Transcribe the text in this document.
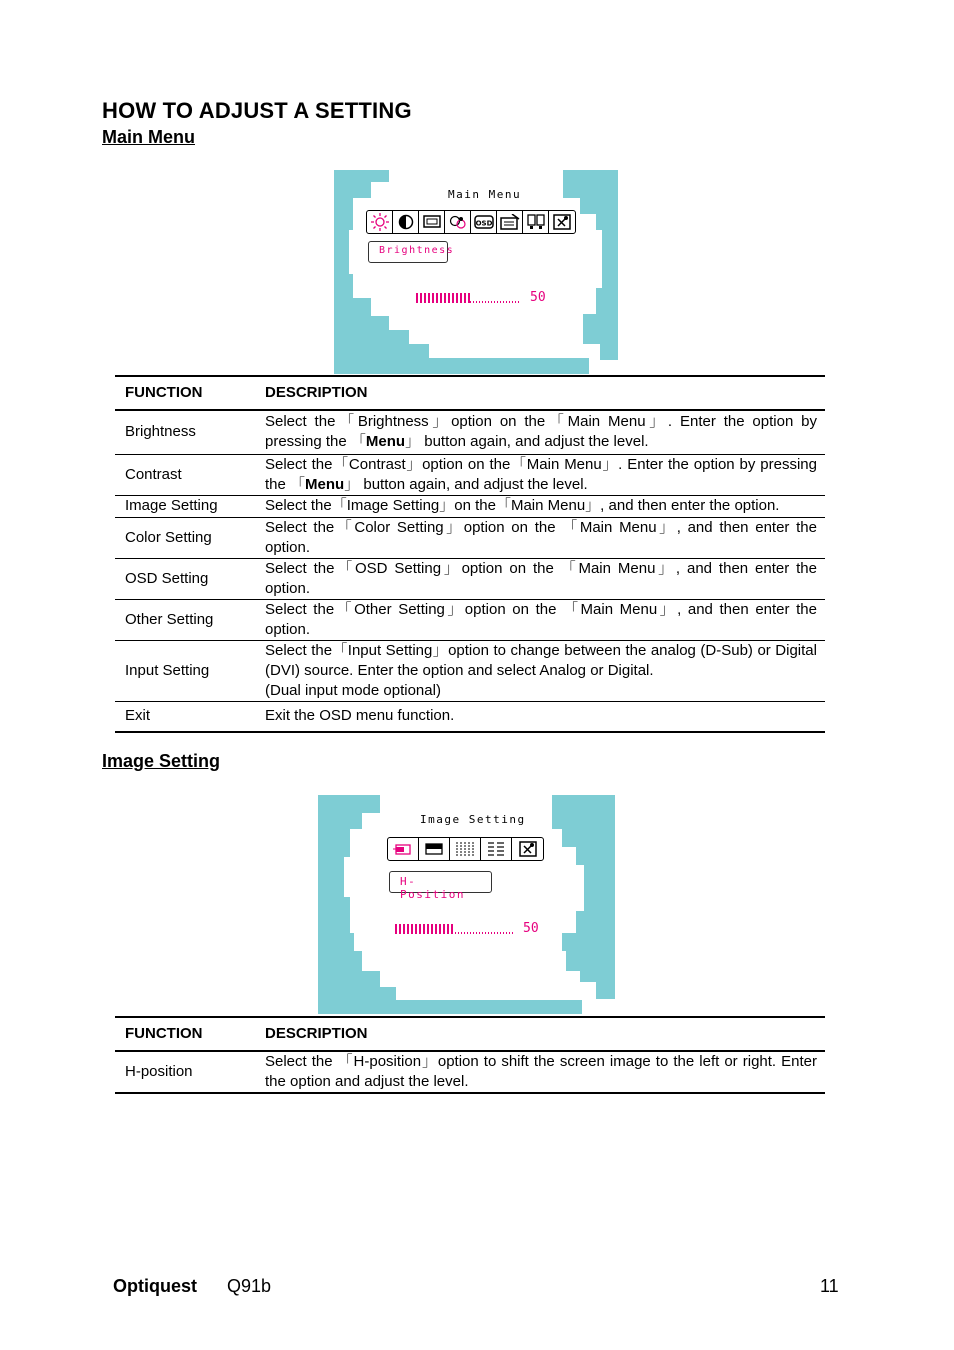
HOW TO ADJUST A SETTING
Main Menu
Main Menu
OSD
Brightness
50
FUNCTION	DESCRIPTION
Brightness	Select the「Brightness」option on the「Main Menu」. Enter the option by pressing the 「Menu」 button again, and adjust the level.
Contrast	Select the「Contrast」option on the「Main Menu」. Enter the option by pressing the 「Menu」 button again, and adjust the level.
Image Setting	Select the「Image Setting」on the「Main Menu」, and then enter the option.
Color Setting	Select the「Color Setting」option on the 「Main Menu」, and then enter the option.
OSD Setting	Select the「OSD Setting」option on the 「Main Menu」, and then enter the option.
Other Setting	Select the「Other Setting」option on the 「Main Menu」, and then enter the option.
Input Setting	Select the「Input Setting」option to change between the analog (D-Sub) or Digital (DVI) source. Enter the option and select Analog or Digital.
(Dual input mode optional)
Exit	Exit the OSD menu function.
Image Setting
Image Setting
H-Position
50
FUNCTION	DESCRIPTION
H-position	Select the 「H-position」option to shift the screen image to the left or right. Enter the option and adjust the level.
Optiquest Q91b	11
